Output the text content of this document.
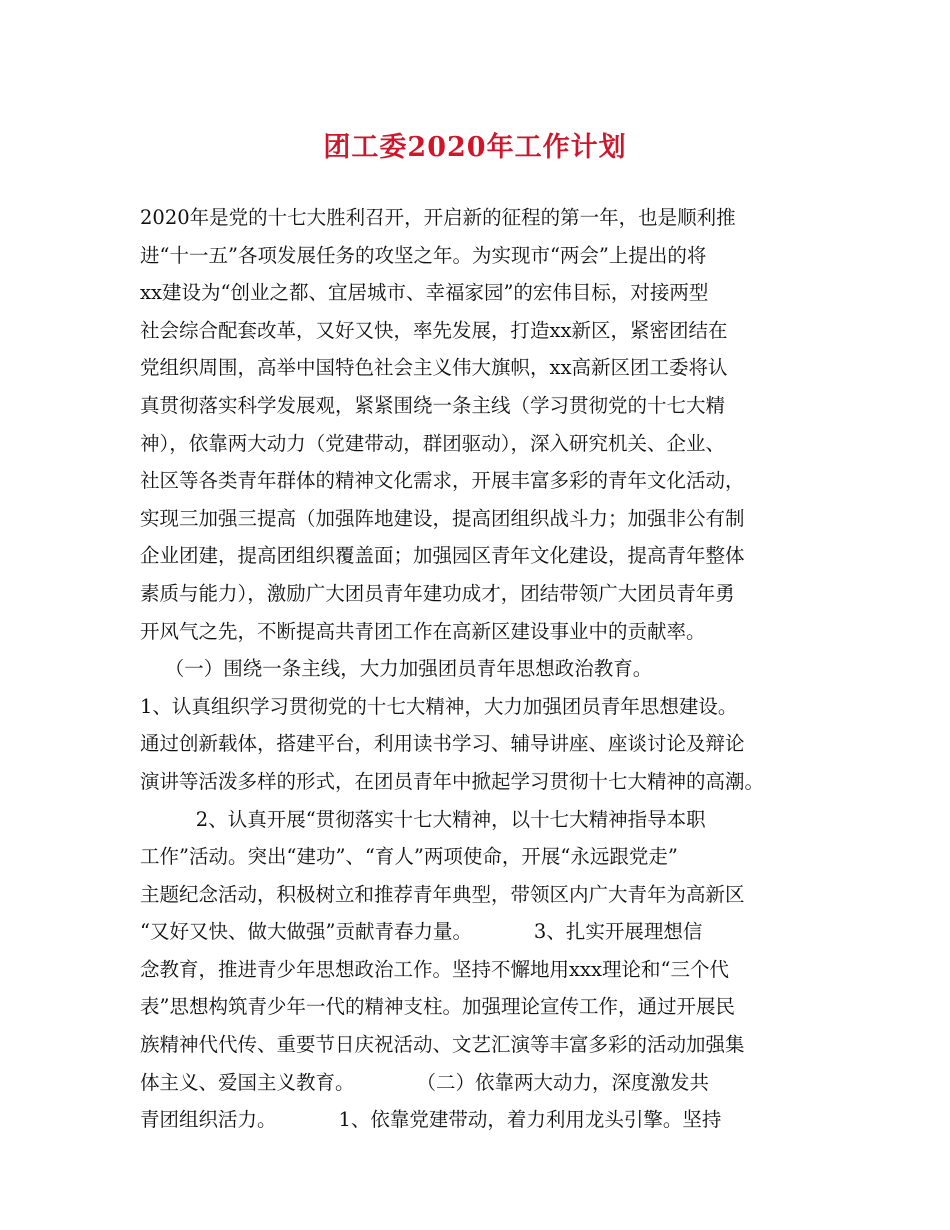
团工委2020年工作计划
2020年是党的十七大胜利召开，开启新的征程的第一年，也是顺利推
进“十一五”各项发展任务的攻坚之年。为实现市“两会”上提出的将
xx建设为“创业之都、宜居城市、幸福家园”的宏伟目标，对接两型
社会综合配套改革，又好又快，率先发展，打造xx新区，紧密团结在
党组织周围，高举中国特色社会主义伟大旗帜，xx高新区团工委将认
真贯彻落实科学发展观，紧紧围绕一条主线（学习贯彻党的十七大精
神），依靠两大动力（党建带动，群团驱动），深入研究机关、企业、
社区等各类青年群体的精神文化需求，开展丰富多彩的青年文化活动，
实现三加强三提高（加强阵地建设，提高团组织战斗力；加强非公有制
企业团建，提高团组织覆盖面；加强园区青年文化建设，提高青年整体
素质与能力），激励广大团员青年建功成才，团结带领广大团员青年勇
开风气之先，不断提高共青团工作在高新区建设事业中的贡献率。
（一）围绕一条主线，大力加强团员青年思想政治教育。
1、认真组织学习贯彻党的十七大精神，大力加强团员青年思想建设。
通过创新载体，搭建平台，利用读书学习、辅导讲座、座谈讨论及辩论
演讲等活泼多样的形式，在团员青年中掀起学习贯彻十七大精神的高潮。
2、认真开展“贯彻落实十七大精神，以十七大精神指导本职
工作”活动。突出“建功”、“育人”两项使命，开展“永远跟党走”
主题纪念活动，积极树立和推荐青年典型，带领区内广大青年为高新区
“又好又快、做大做强”贡献青春力量。          3、扎实开展理想信
念教育，推进青少年思想政治工作。坚持不懈地用xxx理论和“三个代
表”思想构筑青少年一代的精神支柱。加强理论宣传工作，通过开展民
族精神代代传、重要节日庆祝活动、文艺汇演等丰富多彩的活动加强集
体主义、爱国主义教育。          （二）依靠两大动力，深度激发共
青团组织活力。          1、依靠党建带动，着力利用龙头引擎。坚持
